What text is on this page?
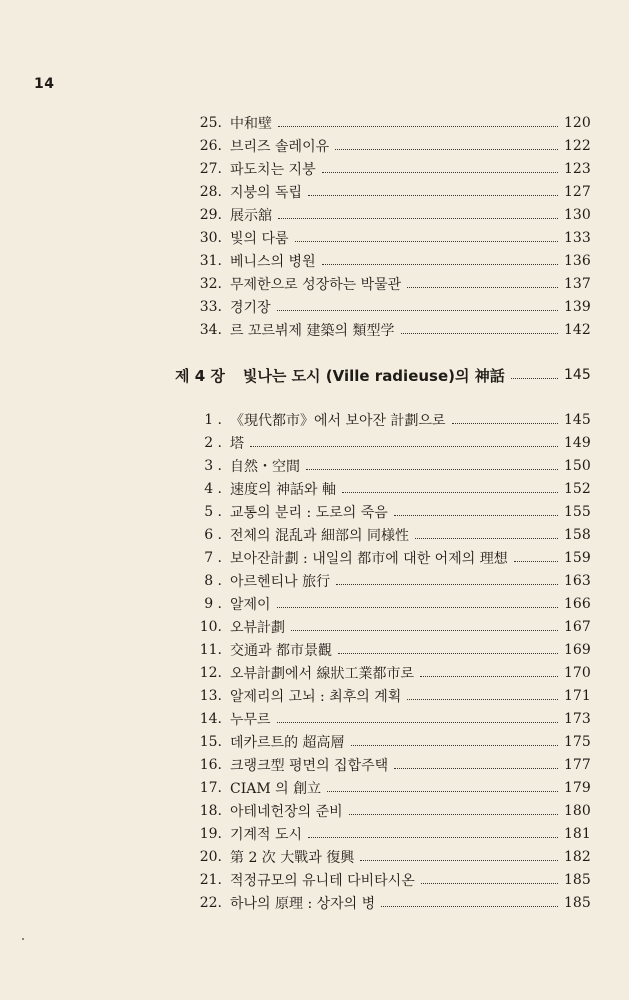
14
25. 中和壁	120
26. 브리즈 솔레이유	122
27. 파도치는 지붕	123
28. 지붕의 독립	127
29. 展示舘	130
30. 빛의 다룸	133
31. 베니스의 병원	136
32. 무제한으로 성장하는 박물관	137
33. 경기장	139
34. 르 꼬르뷔제 建築의 類型学	142
제 4 장 빛나는 도시 (Ville radieuse)의 神話	145
1 . 《現代都市》에서 보아잔 計劃으로	145
2 . 塔	149
3 . 自然・空間	150
4 . 速度의 神話와 軸	152
5 . 교통의 분리 : 도로의 죽음	155
6 . 전체의 混乱과 細部의 同様性	158
7 . 보아잔計劃 : 내일의 都市에 대한 어제의 理想	159
8 . 아르헨티나 旅行	163
9 . 알제이	166
10. 오뷰計劃	167
11. 交通과 都市景觀	169
12. 오뷰計劃에서 線狀工業都市로	170
13. 알제리의 고뇌 : 최후의 계획	171
14. 누무르	173
15. 데카르트的 超高層	175
16. 크랭크型 평면의 집합주택	177
17. CIAM 의 創立	179
18. 아테네헌장의 준비	180
19. 기계적 도시	181
20. 第 2 次 大戰과 復興	182
21. 적정규모의 유니테 다비타시온	185
22. 하나의 原理 : 상자의 병	185
